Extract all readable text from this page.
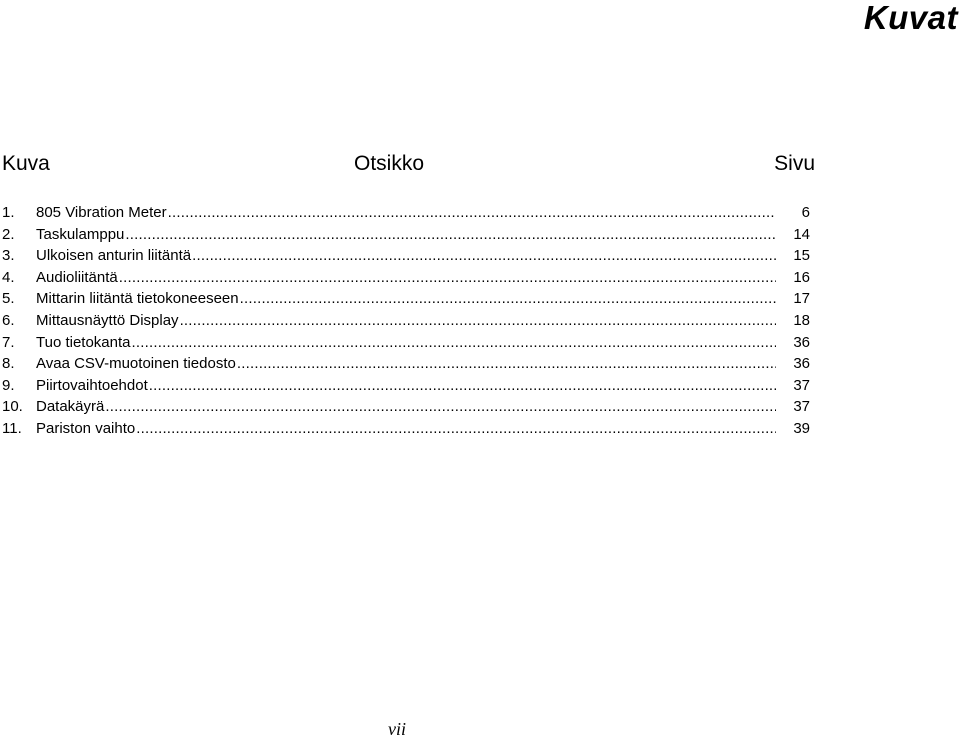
Kuvat
Kuva	Otsikko	Sivu
1.	805 Vibration Meter .....	6
2.	Taskulamppu .....	14
3.	Ulkoisen anturin liitäntä .....	15
4.	Audioliitäntä .....	16
5.	Mittarin liitäntä tietokoneeseen .....	17
6.	Mittausnäyttö Display .....	18
7.	Tuo tietokanta .....	36
8.	Avaa CSV-muotoinen tiedosto .....	36
9.	Piirtovaihtoehdot .....	37
10. Datakäyrä .....	37
11. Pariston vaihto .....	39
vii
